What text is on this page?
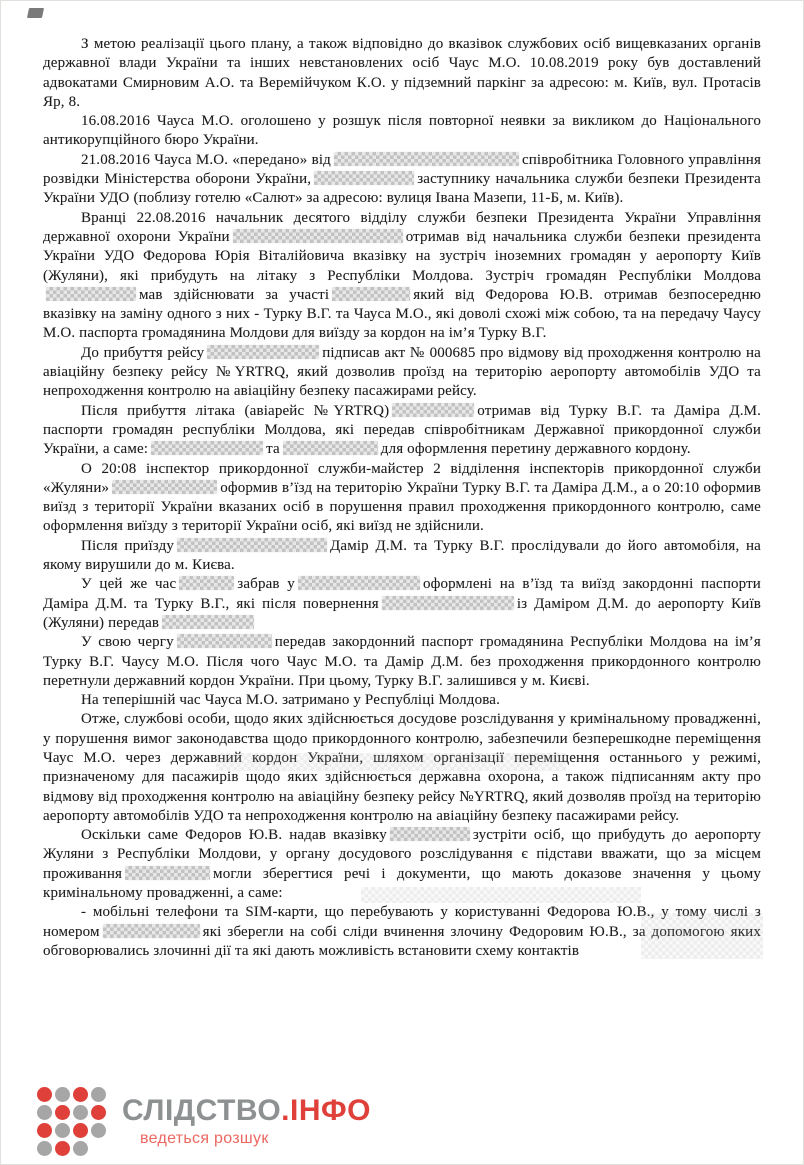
З метою реалізації цього плану, а також відповідно до вказівок службових осіб вищевказаних органів державної влади України та інших невстановлених осіб Чаус М.О. 10.08.2019 року був доставлений адвокатами Смирновим А.О. та Веремійчуком К.О. у підземний паркінг за адресою: м. Київ, вул. Протасів Яр, 8.

16.08.2016 Чауса М.О. оголошено у розшук після повторної неявки за викликом до Національного антикорупційного бюро України.

21.08.2016 Чауса М.О. «передано» від	співробітника Головного управління розвідки Міністерства оборони України,	заступнику начальника служби безпеки Президента України УДО (поблизу готелю «Салют» за адресою: вулиця Івана Мазепи, 11-Б, м. Київ).

Вранці 22.08.2016 начальник десятого відділу служби безпеки Президента України Управління державної охорони України	отримав від начальника служби безпеки президента України УДО Федорова Юрія Віталійовича вказівку на зустріч іноземних громадян у аеропорту Київ (Жуляни), які прибудуть на літаку з Республіки Молдова. Зустріч громадян Республіки Молдовамав здійснювати за участі	який від Федорова Ю.В. отримав безпосередню вказівку на заміну одного з них - Турку В.Г. та Чауса М.О., які доволі схожі між собою, та на передачу Чаусу М.О. паспорта громадянина Молдови для виїзду за кордон на ім’я Турку В.Г.

До прибуття рейсу	підписав акт № 000685 про відмову від проходження контролю на авіаційну безпеку рейсу №YRTRQ, який дозволив проїзд на територію аеропорту автомобілів УДО та непроходження контролю на авіаційну безпеку пасажирами рейсу.

Після прибуття літака (авіарейс №YRTRQ)	отримав від Турку В.Г. та Даміра Д.М. паспорти громадян республіки Молдова, які передав співробітникам Державної прикордонної служби України, а саме:	та	для оформлення перетину державного кордону.

О 20:08 інспектор прикордонної служби-майстер 2 відділення інспекторів прикордонної служби «Жуляни»	оформив в’їзд на територію України Турку В.Г. та Даміра Д.М., а о 20:10 оформив виїзд з території України вказаних осіб в порушення правил проходження прикордонного контролю, саме оформлення виїзду з території України осіб, які виїзд не здійснили.

Після приїзду	Дамір Д.М. та Турку В.Г. прослідували до його автомобіля, на якому вирушили до м. Києва.

У цей же час	забрав у	оформлені на в’їзд та виїзд закордонні паспорти Даміра Д.М. та Турку В.Г., які після повернення	із Даміром Д.М. до аеропорту Київ (Жуляни) передав

У свою чергу	передав закордонний паспорт громадянина Республіки Молдова на ім’я Турку В.Г. Чаусу М.О. Після чого Чаус М.О. та Дамір Д.М. без проходження прикордонного контролю перетнули державний кордон України. При цьому, Турку В.Г. залишився у м. Києві.

На теперішній час Чауса М.О. затримано у Республіці Молдова.

Отже, службові особи, щодо яких здійснюється досудове розслідування у кримінальному провадженні, у порушення вимог законодавства щодо прикордонного контролю, забезпечили безперешкодне переміщення Чаус М.О. через державний кордон України, шляхом організації переміщення останнього у режимі, призначеному для пасажирів щодо яких здійснюється державна охорона, а також підписанням акту про відмову від проходження контролю на авіаційну безпеку рейсу №YRTRQ, який дозволяв проїзд на територію аеропорту автомобілів УДО та непроходження контролю на авіаційну безпеку пасажирами рейсу.

Оскільки саме Федоров Ю.В. надав вказівку	зустріти осіб, що прибудуть до аеропорту Жуляни з Республіки Молдови, у органу досудового розслідування є підстави вважати, що за місцем проживання	могли зберегтися речі і документи, що мають доказове значення у цьому кримінальному провадженні, а саме:

- мобільні телефони та SIM-карти, що перебувають у користуванні Федорова Ю.В., у тому числі з номером	які зберегли на собі сліди вчинення злочину Федоровим Ю.В., за допомогою яких обговорювались злочинні дії та які дають можливість встановити схему контактів

СЛІДСТВО.ІНФО
ведеться розшук
